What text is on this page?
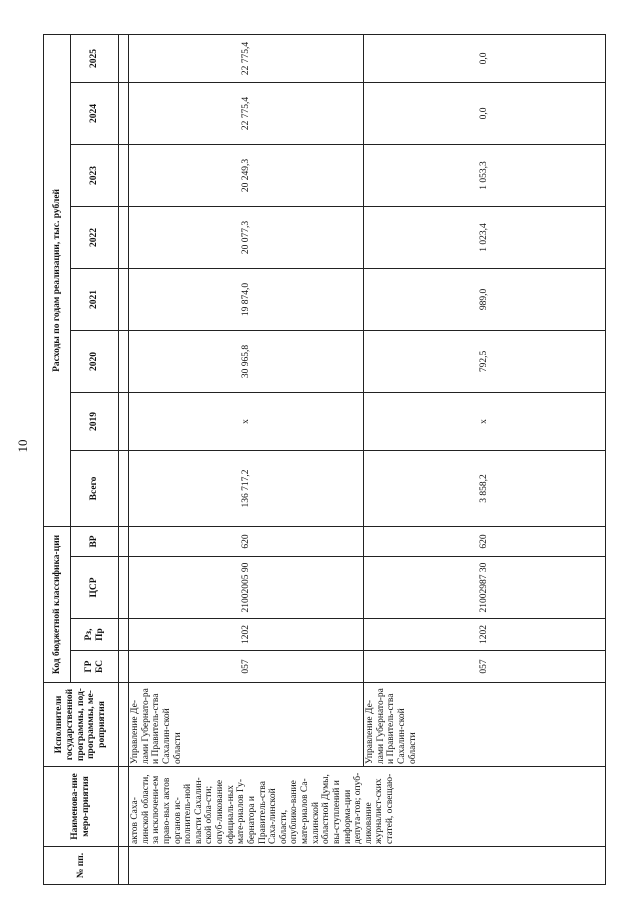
10
№ пп.	Наименова-ние меро-приятия	Исполнители государственной программы, под-программы, ме-роприятия	Код бюджетной классифика-ции				Расходы по годам реализации, тыс. рублей							
			ГР БС	Рз, Пр	ЦСР	ВР	Всего	2019	2020	2021	2022	2023	2024	2025

	актов Саха-линской области, за исключени-ем право-вых актов органов ис-полнитель-ной власти Сахалин-ской обла-сти; опуб-ликование официаль-ных мате-риалов Гу-бернатора и Правитель-ства Саха-линской области, опублико-вание мате-риалов Са-халинской областной Думы, вы-ступлений и информа-ции депута-тов; опуб-ликование журналист-ских статей, освещаю-	Управление Де-лами Губернато-ра и Правитель-ства Сахалин-ской области	057	1202	21002005 90	620	136 717,2	x	30 965,8	19 874,0	20 077,3	20 249,3	22 775,4	22 775,4
		Управление Де-лами Губернато-ра и Правитель-ства Сахалин-ской области	057	1202	21002987 30	620	3 858,2	x	792,5	989,0	1 023,4	1 053,3	0,0	0,0
